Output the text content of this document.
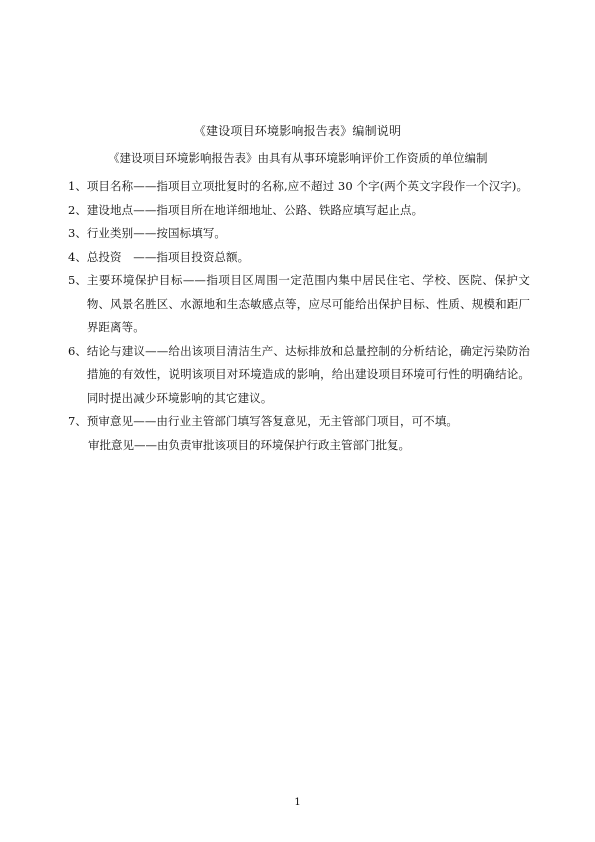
《建设项目环境影响报告表》编制说明
《建设项目环境影响报告表》由具有从事环境影响评价工作资质的单位编制
1、 项目名称——指项目立项批复时的名称,应不超过 30 个字(两个英文字段作一个汉字)。
2、 建设地点——指项目所在地详细地址、公路、铁路应填写起止点。
3、 行业类别——按国标填写。
4、 总投资　——指项目投资总额。
5、 主要环境保护目标——指项目区周围一定范围内集中居民住宅、学校、医院、保护文物、风景名胜区、水源地和生态敏感点等，应尽可能给出保护目标、性质、规模和距厂界距离等。
6、 结论与建议——给出该项目清洁生产、达标排放和总量控制的分析结论，确定污染防治措施的有效性，说明该项目对环境造成的影响，给出建设项目环境可行性的明确结论。同时提出减少环境影响的其它建议。
7、 预审意见——由行业主管部门填写答复意见，无主管部门项目，可不填。
审批意见——由负责审批该项目的环境保护行政主管部门批复。
1
